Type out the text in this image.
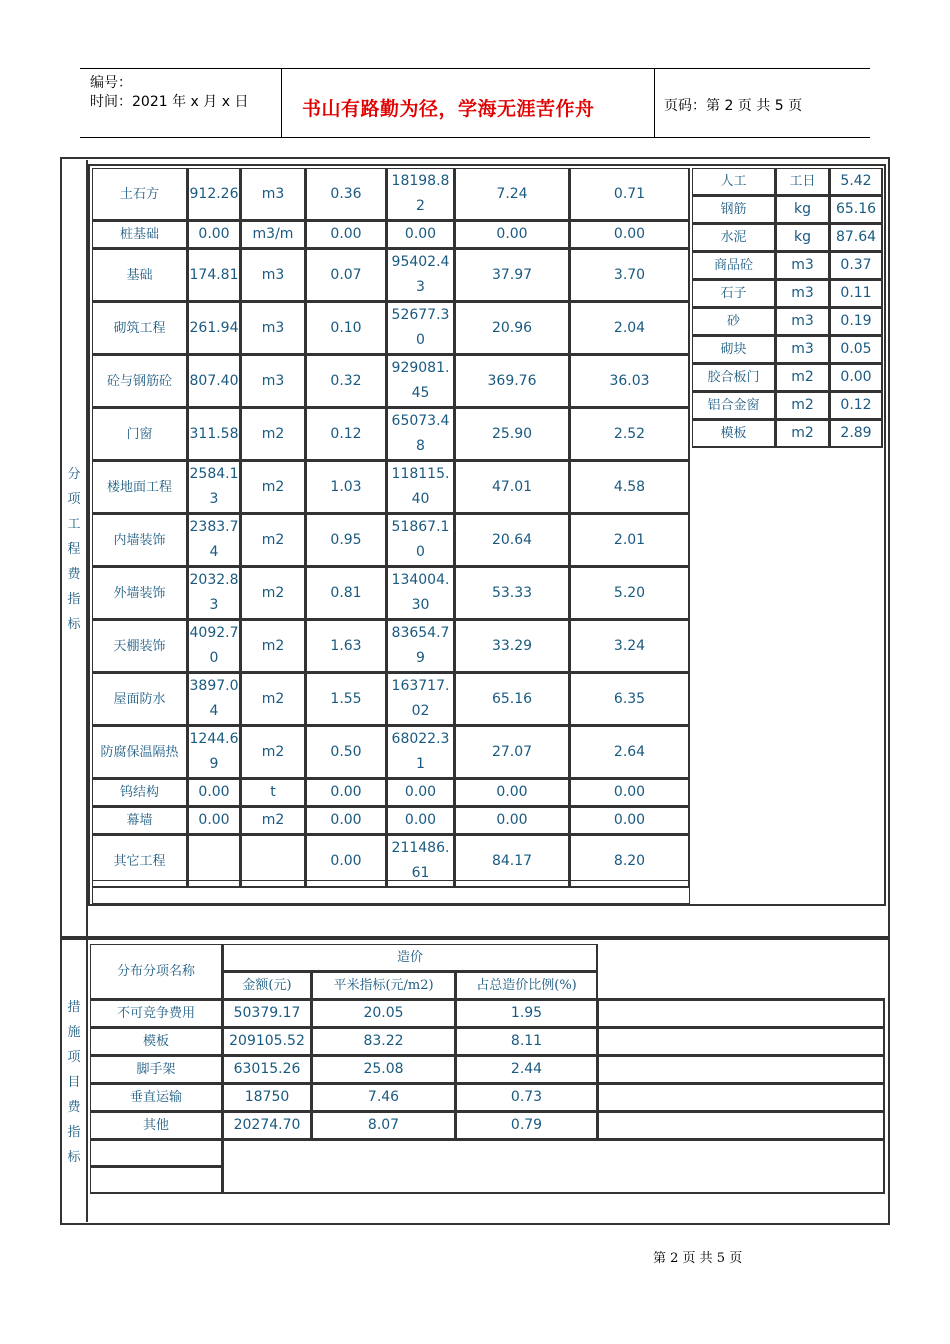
编号：
时间：2021 年 x 月 x 日	页码：第 2 页 共 5 页
书山有路勤为径，学海无涯苦作舟
分
项
工
程
费
指
标
土石方	912.26	m3	0.36	18198.82	7.24	0.71
桩基础	0.00	m3/m	0.00	0.00	0.00	0.00
基础	174.81	m3	0.07	95402.43	37.97	3.70
砌筑工程	261.94	m3	0.10	52677.30	20.96	2.04
砼与钢筋砼	807.40	m3	0.32	929081.45	369.76	36.03
门窗	311.58	m2	0.12	65073.48	25.90	2.52
楼地面工程	2584.13	m2	1.03	118115.40	47.01	4.58
内墙装饰	2383.74	m2	0.95	51867.10	20.64	2.01
外墙装饰	2032.83	m2	0.81	134004.30	53.33	5.20
天棚装饰	4092.70	m2	1.63	83654.79	33.29	3.24
屋面防水	3897.04	m2	1.55	163717.02	65.16	6.35
防腐保温隔热	1244.69	m2	0.50	68022.31	27.07	2.64
钨结构	0.00	t	0.00	0.00	0.00	0.00
幕墙	0.00	m2	0.00	0.00	0.00	0.00
其它工程			0.00	211486.61	84.17	8.20
人工	工日	5.42
钢筋	kg	65.16
水泥	kg	87.64
商品砼	m3	0.37
石子	m3	0.11
砂	m3	0.19
砌块	m3	0.05
胶合板门	m2	0.00
铝合金窗	m2	0.12
模板	m2	2.89
措
施
项
目
费
指
标
分布分项名称	造价			
	金额(元)	平米指标(元/m2)	占总造价比例(%)	
不可竞争费用	50379.17	20.05	1.95	
模板	209105.52	83.22	8.11	
脚手架	63015.26	25.08	2.44	
垂直运输	18750	7.46	0.73	
其他	20274.70	8.07	0.79	

第 2 页 共 5 页
